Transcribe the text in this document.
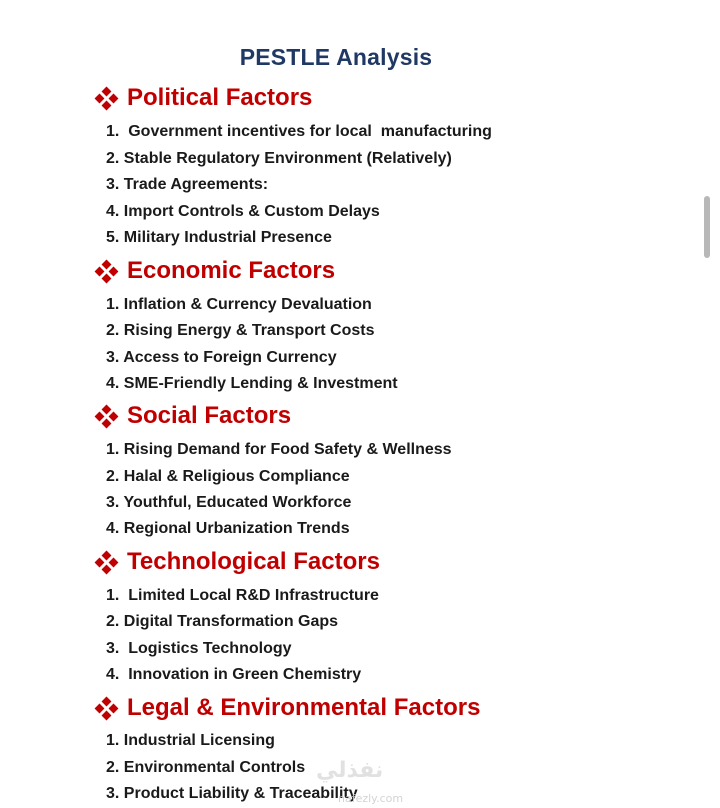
PESTLE Analysis
Political Factors
1.  Government incentives for local  manufacturing
2. Stable Regulatory Environment (Relatively)
3. Trade Agreements:
4. Import Controls & Custom Delays
5. Military Industrial Presence
Economic Factors
1. Inflation & Currency Devaluation
2. Rising Energy & Transport Costs
3. Access to Foreign Currency
4. SME-Friendly Lending & Investment
Social Factors
1. Rising Demand for Food Safety & Wellness
2. Halal & Religious Compliance
3. Youthful, Educated Workforce
4. Regional Urbanization Trends
Technological Factors
1.  Limited Local R&D Infrastructure
2. Digital Transformation Gaps
3.  Logistics Technology
4.  Innovation in Green Chemistry
Legal & Environmental Factors
1. Industrial Licensing
2. Environmental Controls
3. Product Liability & Traceability
نفذلي
nafezly.com
